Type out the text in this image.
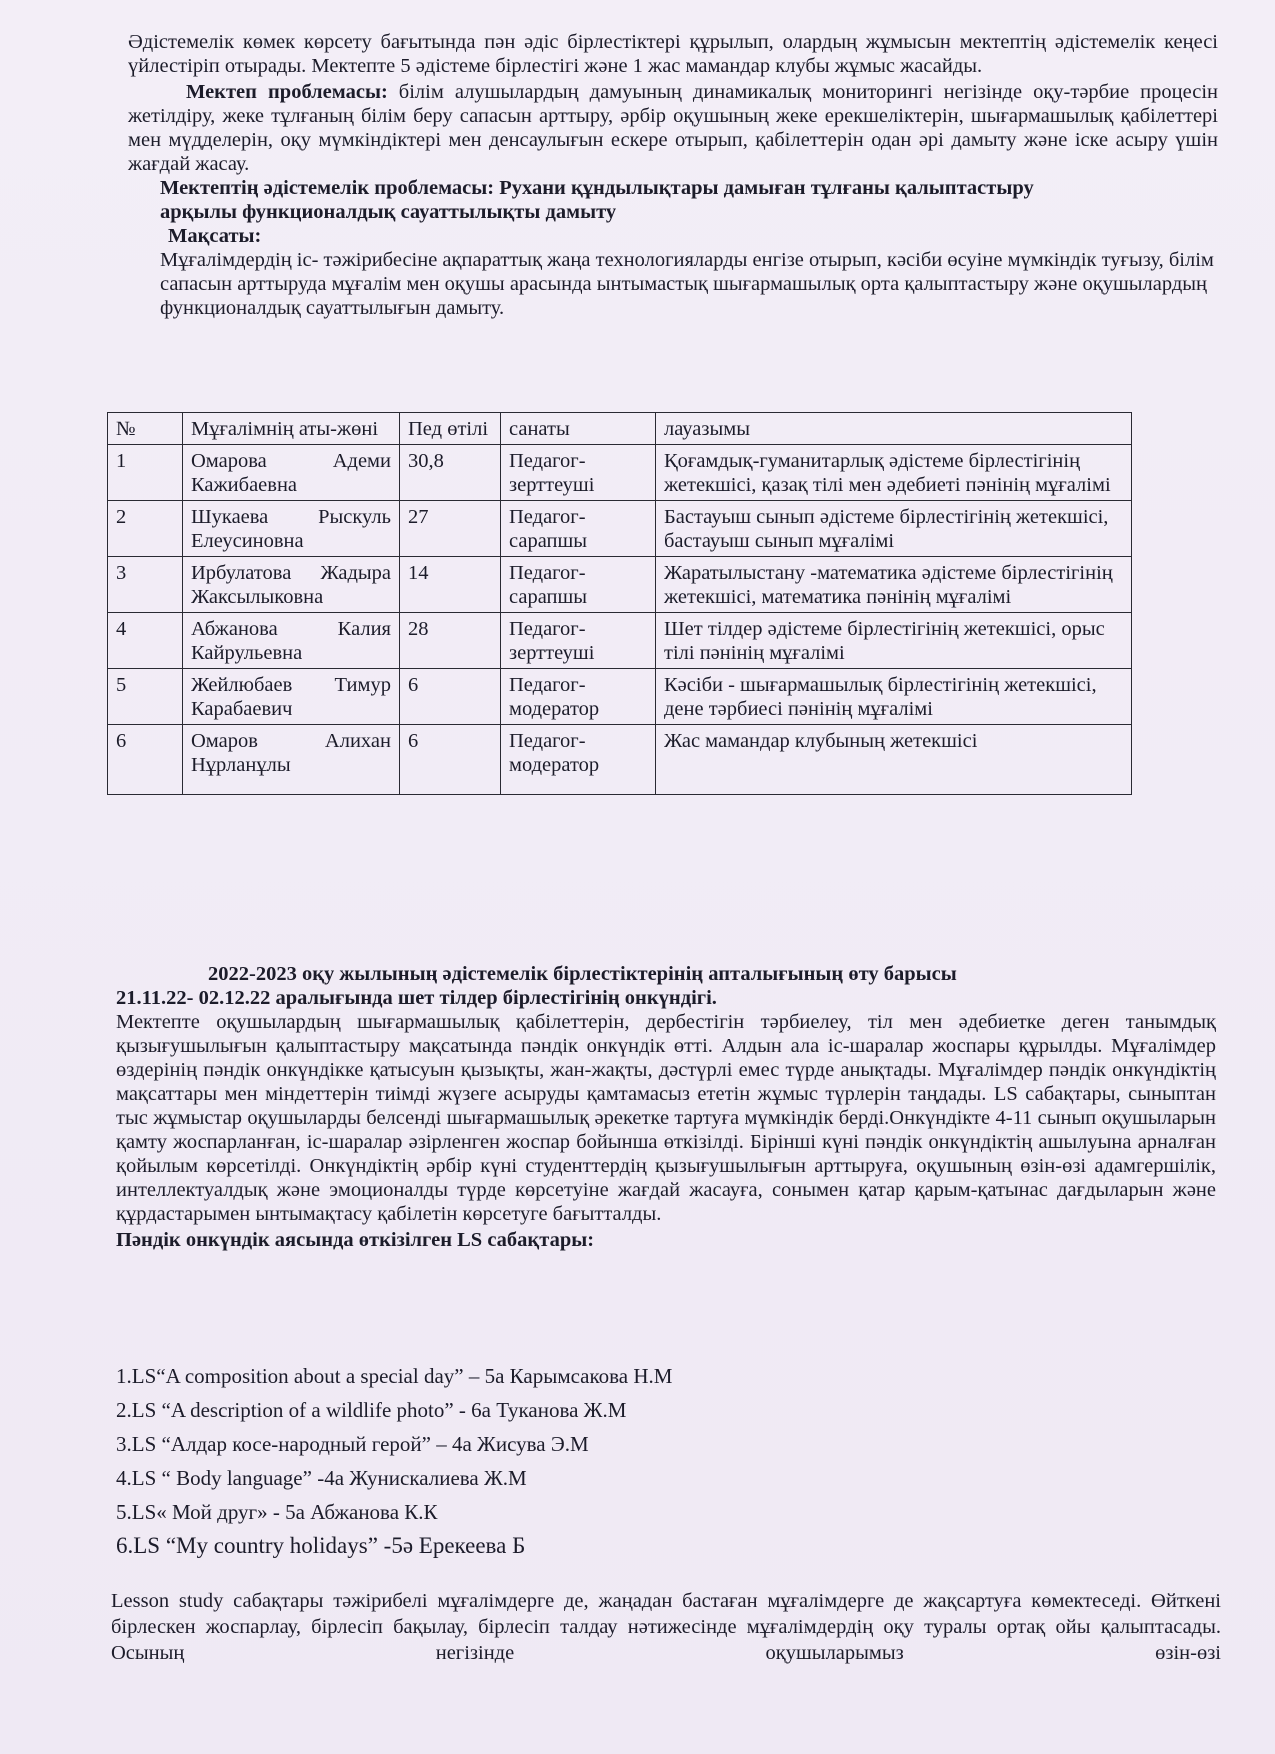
Әдістемелік көмек көрсету бағытында пән әдіс бірлестіктері құрылып, олардың жұмысын мектептің әдістемелік кеңесі үйлестіріп отырады. Мектепте 5 әдістеме бірлестігі және 1 жас мамандар клубы жұмыс жасайды.

Мектеп проблемасы: білім алушылардың дамуының динамикалық мониторингі негізінде оқу-тәрбие процесін жетілдіру, жеке тұлғаның білім беру сапасын арттыру, әрбір оқушының жеке ерекшеліктерін, шығармашылық қабілеттері мен мүдделерін, оқу мүмкіндіктері мен денсаулығын ескере отырып, қабілеттерін одан әрі дамыту және іске асыру үшін жағдай жасау.

Мектептің әдістемелік проблемасы: Рухани құндылықтары дамыған тұлғаны қалыптастыру арқылы функционалдық сауаттылықты дамыту

Мақсаты:

Мұғалімдердің іс- тәжірибесіне ақпараттық жаңа технологияларды енгізе отырып, кәсіби өсуіне мүмкіндік туғызу, білім сапасын арттыруда мұғалім мен оқушы арасында ынтымастық шығармашылық орта қалыптастыру және оқушылардың функционалдық сауаттылығын дамыту.

№	Мұғалімнің аты-жөні	Пед өтілі	санаты	лауазымы
1	Омарова Адеми Кажибаевна	30,8	Педагог-зерттеуші	Қоғамдық-гуманитарлық әдістеме бірлестігінің жетекшісі, қазақ тілі мен әдебиеті пәнінің мұғалімі
2	Шукаева Рыскуль Елеусиновна	27	Педагог-сарапшы	Бастауыш сынып әдістеме бірлестігінің жетекшісі, бастауыш сынып мұғалімі
3	Ирбулатова Жадыра Жаксылыковна	14	Педагог-сарапшы	Жаратылыстану -математика әдістеме бірлестігінің жетекшісі, математика пәнінің мұғалімі
4	Абжанова Калия Кайрульевна	28	Педагог-зерттеуші	Шет тілдер әдістеме бірлестігінің жетекшісі, орыс тілі пәнінің мұғалімі
5	Жейлюбаев Тимур Карабаевич	6	Педагог-модератор	Кәсіби - шығармашылық бірлестігінің жетекшісі, дене тәрбиесі пәнінің мұғалімі
6	Омаров Алихан Нұрланұлы	6	Педагог-модератор	Жас мамандар клубының жетекшісі

2022-2023 оқу жылының әдістемелік бірлестіктерінің апталығының өту барысы

21.11.22- 02.12.22 аралығында шет тілдер бірлестігінің онкүндігі.

Мектепте оқушылардың шығармашылық қабілеттерін, дербестігін тәрбиелеу, тіл мен әдебиетке деген танымдық қызығушылығын қалыптастыру мақсатында пәндік онкүндік өтті. Алдын ала іс-шаралар жоспары құрылды. Мұғалімдер өздерінің пәндік онкүндікке қатысуын қызықты, жан-жақты, дәстүрлі емес түрде анықтады. Мұғалімдер пәндік онкүндіктің мақсаттары мен міндеттерін тиімді жүзеге асыруды қамтамасыз ететін жұмыс түрлерін таңдады. LS сабақтары, сыныптан тыс жұмыстар оқушыларды белсенді шығармашылық әрекетке тартуға мүмкіндік берді.Онкүндікте 4-11 сынып оқушыларын қамту жоспарланған, іс-шаралар әзірленген жоспар бойынша өткізілді. Бірінші күні пәндік онкүндіктің ашылуына арналған қойылым көрсетілді. Онкүндіктің әрбір күні студенттердің қызығушылығын арттыруға, оқушының өзін-өзі адамгершілік, интеллектуалдық және эмоционалды түрде көрсетуіне жағдай жасауға, сонымен қатар қарым-қатынас дағдыларын және құрдастарымен ынтымақтасу қабілетін көрсетуге бағытталды.

Пәндік онкүндік аясында өткізілген LS сабақтары:

1.LS“A composition about a special day” – 5а Карымсакова Н.М
2.LS “A description of a wildlife photo” - 6а Туканова Ж.М
3.LS “Алдар косе-народный герой” – 4а Жисува Э.М
4.LS “ Body language” -4а Жунискалиева Ж.М
5.LS« Мой друг» - 5а Абжанова К.К
6.LS “My country holidays” -5ә Ерекеева Б

Lesson study сабақтары тәжірибелі мұғалімдерге де, жаңадан бастаған мұғалімдерге де жақсартуға көмектеседі. Өйткені бірлескен жоспарлау, бірлесіп бақылау, бірлесіп талдау нәтижесінде мұғалімдердің оқу туралы ортақ ойы қалыптасады. Осының негізінде оқушыларымыз өзін-өзі
